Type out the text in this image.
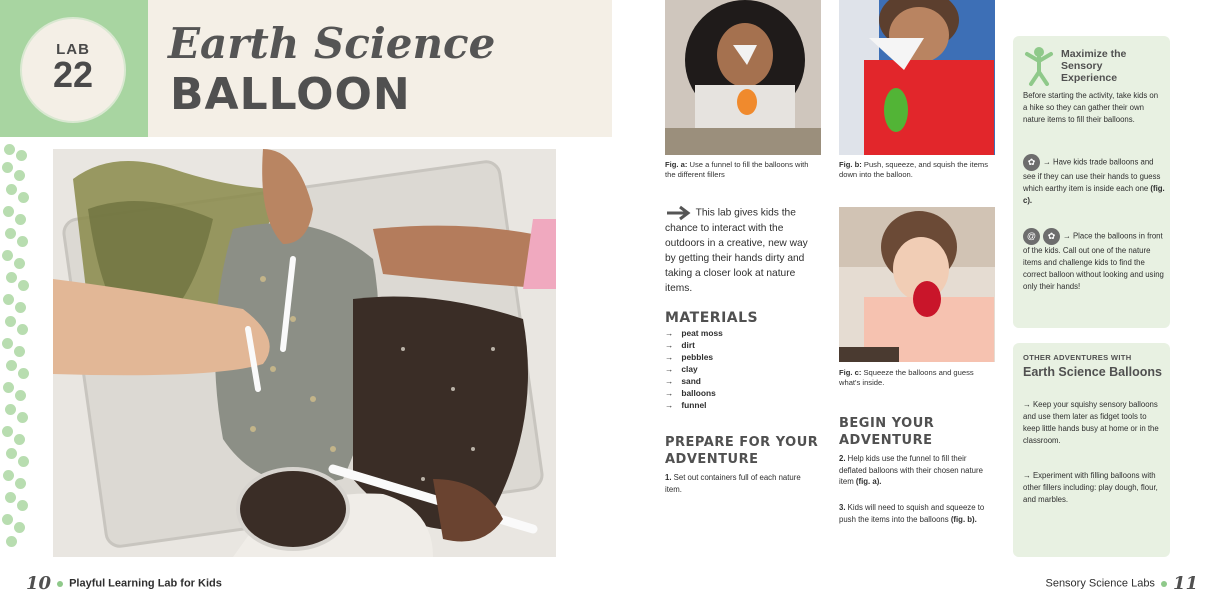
LAB
22
Earth Science
BALLOON
10 Playful Learning Lab for Kids
Fig. a: Use a funnel to fill the balloons with the different fillers
Fig. b: Push, squeeze, and squish the items down into the balloon.
This lab gives kids the chance to interact with the outdoors in a creative, new way by getting their hands dirty and taking a closer look at nature items.
MATERIALS
→ peat moss
→ dirt
→ pebbles
→ clay
→ sand
→ balloons
→ funnel
PREPARE FOR YOUR
ADVENTURE
1. Set out containers full of each nature item.
Fig. c: Squeeze the balloons and guess what's inside.
BEGIN YOUR
ADVENTURE
2. Help kids use the funnel to fill their deflated balloons with their chosen nature item (fig. a).
3. Kids will need to squish and squeeze to push the items into the balloons (fig. b).
Maximize the Sensory Experience
Before starting the activity, take kids on a hike so they can gather their own nature items to fill their balloons.
✿ → Have kids trade balloons and see if they can use their hands to guess which earthy item is inside each one (fig. c).
@ ✿ → Place the balloons in front of the kids. Call out one of the nature items and challenge kids to find the correct balloon without looking and using only their hands!
OTHER ADVENTURES WITH
Earth Science Balloons
→ Keep your squishy sensory balloons and use them later as fidget tools to keep little hands busy at home or in the classroom.
→ Experiment with filling balloons with other fillers including: play dough, flour, and marbles.
Sensory Science Labs 11
